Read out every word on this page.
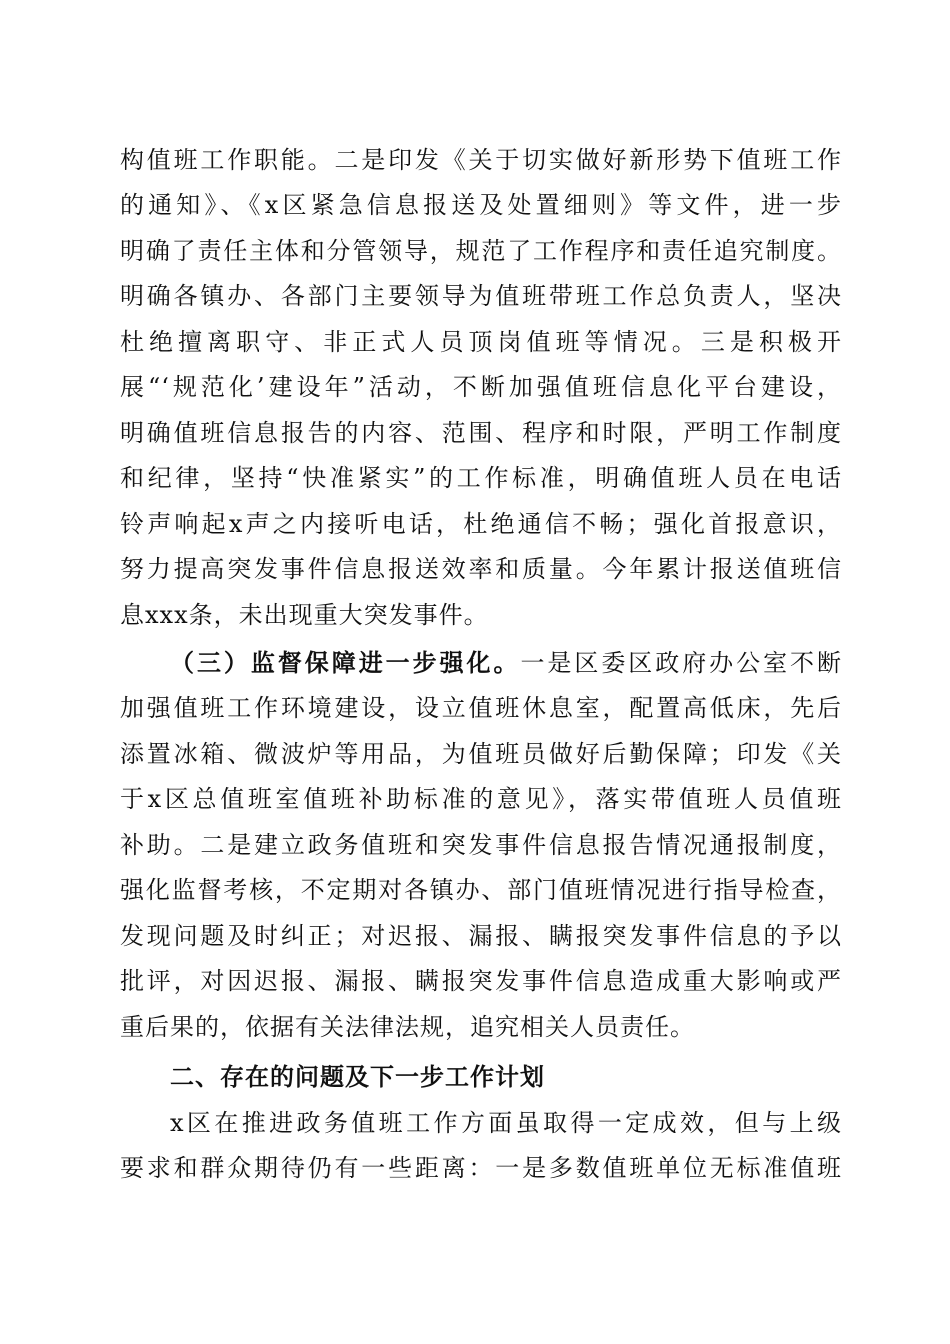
构值班工作职能。二是印发《关于切实做好新形势下值班工作
的通知》、《x区紧急信息报送及处置细则》等文件，进一步
明确了责任主体和分管领导，规范了工作程序和责任追究制度。
明确各镇办、各部门主要领导为值班带班工作总负责人，坚决
杜绝擅离职守、非正式人员顶岗值班等情况。三是积极开
展“‘规范化’建设年”活动，不断加强值班信息化平台建设，
明确值班信息报告的内容、范围、程序和时限，严明工作制度
和纪律，坚持“快准紧实”的工作标准，明确值班人员在电话
铃声响起x声之内接听电话，杜绝通信不畅；强化首报意识，
努力提高突发事件信息报送效率和质量。今年累计报送值班信
息xxx条，未出现重大突发事件。
（三）监督保障进一步强化。一是区委区政府办公室不断
加强值班工作环境建设，设立值班休息室，配置高低床，先后
添置冰箱、微波炉等用品，为值班员做好后勤保障；印发《关
于x区总值班室值班补助标准的意见》，落实带值班人员值班
补助。二是建立政务值班和突发事件信息报告情况通报制度，
强化监督考核，不定期对各镇办、部门值班情况进行指导检查，
发现问题及时纠正；对迟报、漏报、瞒报突发事件信息的予以
批评，对因迟报、漏报、瞒报突发事件信息造成重大影响或严
重后果的，依据有关法律法规，追究相关人员责任。
二、存在的问题及下一步工作计划
x区在推进政务值班工作方面虽取得一定成效，但与上级
要求和群众期待仍有一些距离：一是多数值班单位无标准值班
